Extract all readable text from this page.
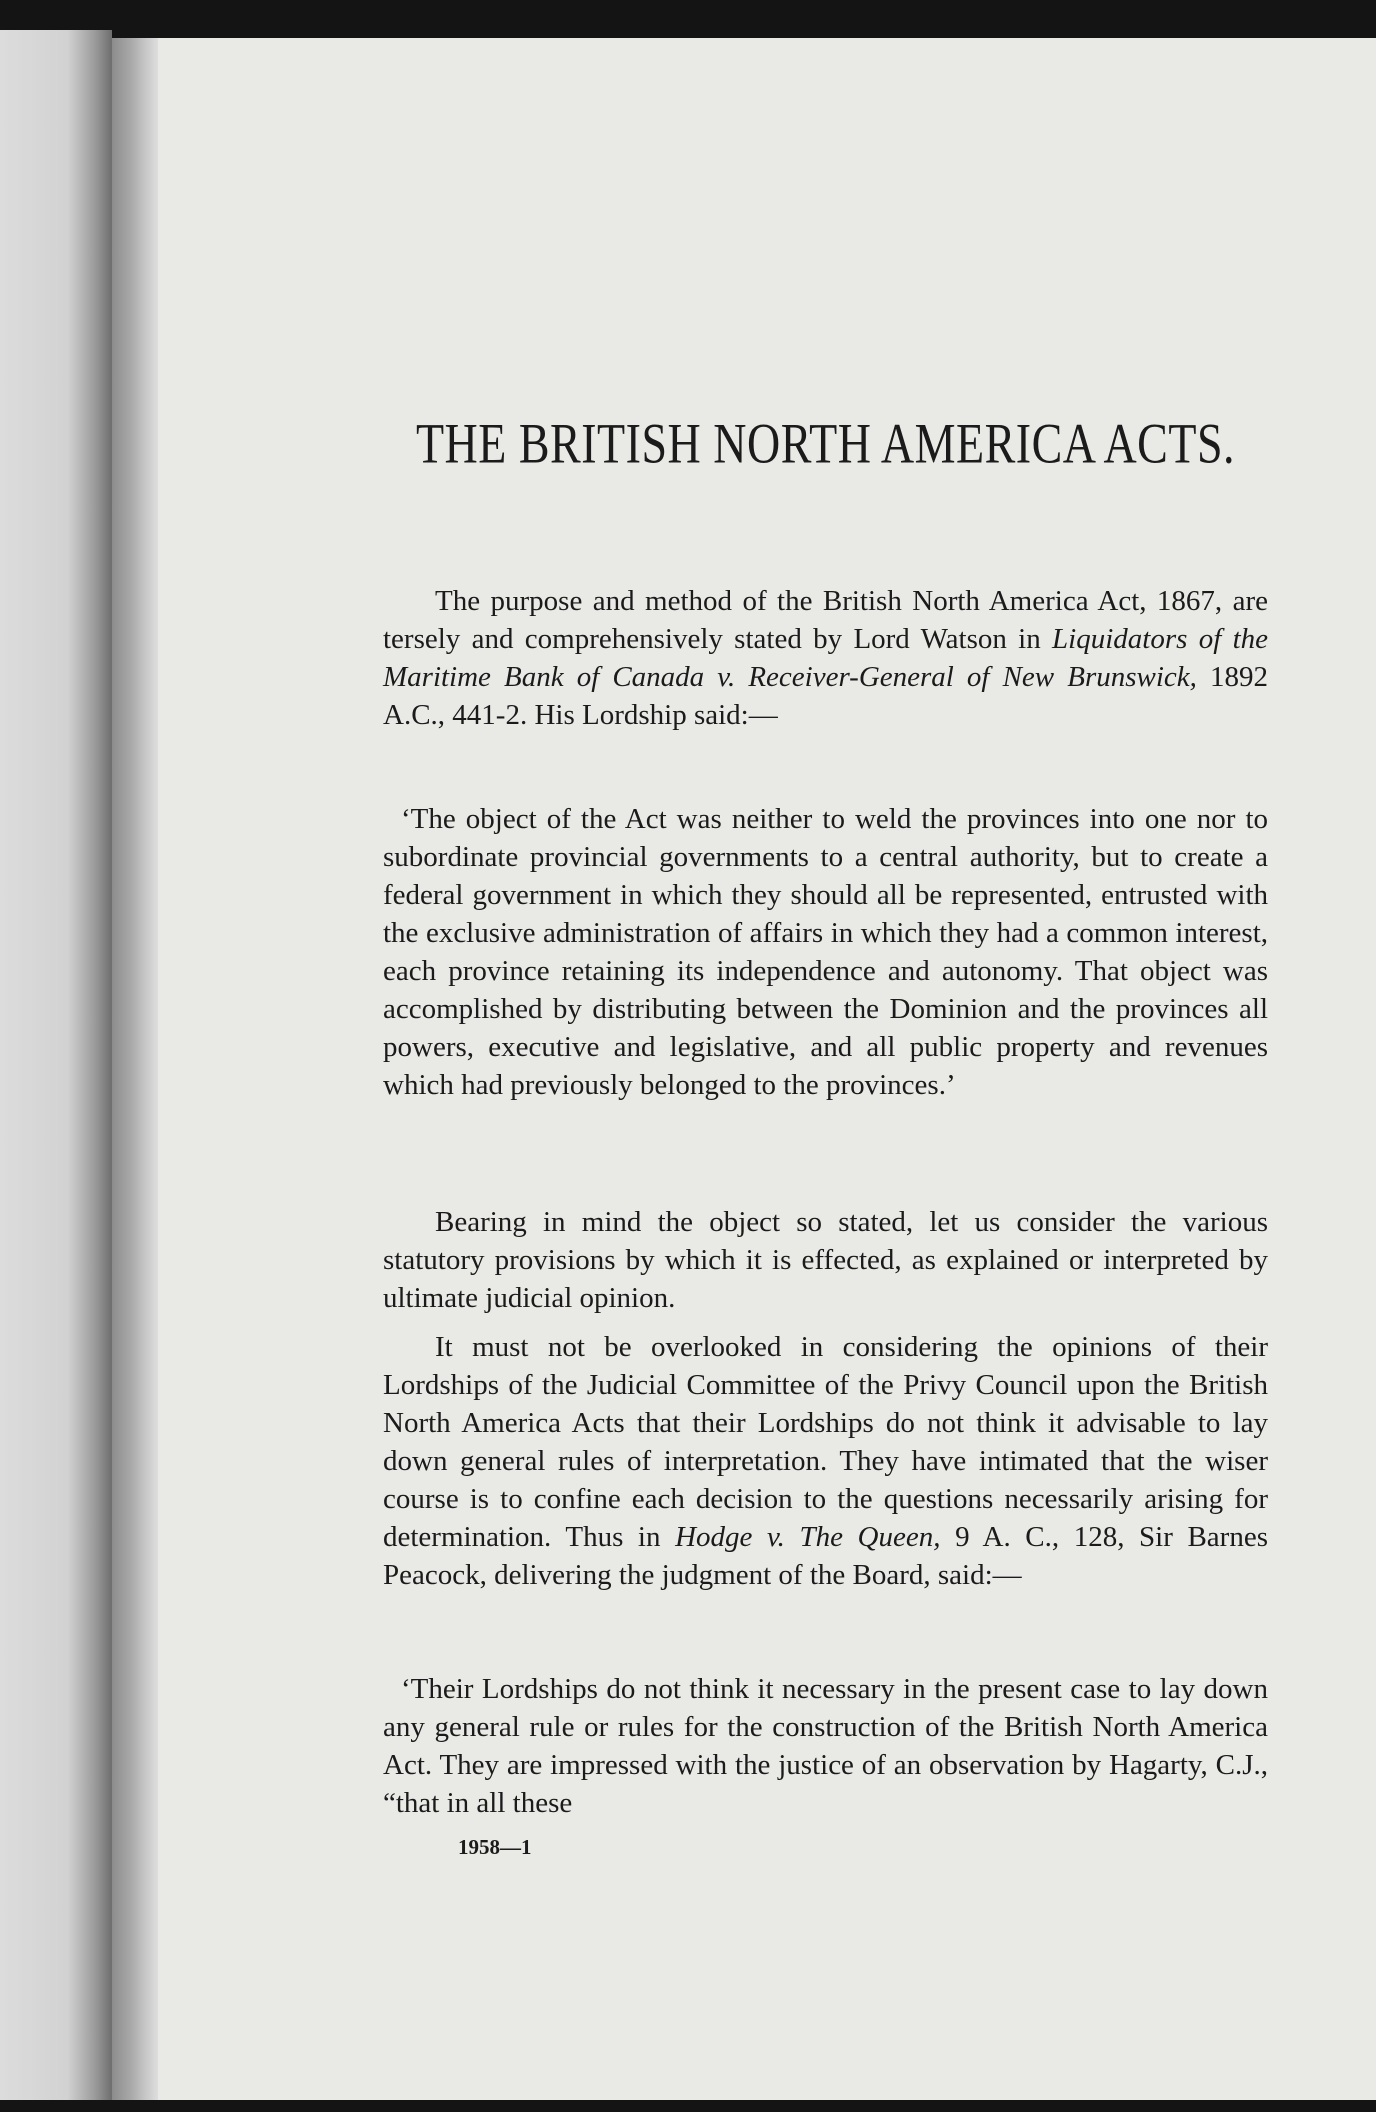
THE BRITISH NORTH AMERICA ACTS.

The purpose and method of the British North America Act, 1867, are tersely and comprehensively stated by Lord Watson in Liquidators of the Maritime Bank of Canada v. Receiver-General of New Brunswick, 1892 A.C., 441-2. His Lordship said:—

‘The object of the Act was neither to weld the provinces into one nor to subordinate provincial governments to a central authority, but to create a federal government in which they should all be represented, entrusted with the exclusive administration of affairs in which they had a common interest, each province retaining its independence and autonomy. That object was accomplished by distributing between the Dominion and the provinces all powers, executive and legislative, and all public property and revenues which had previously belonged to the provinces.’

Bearing in mind the object so stated, let us consider the various statutory provisions by which it is effected, as explained or interpreted by ultimate judicial opinion.

It must not be overlooked in considering the opinions of their Lordships of the Judicial Committee of the Privy Council upon the British North America Acts that their Lordships do not think it advisable to lay down general rules of interpretation. They have intimated that the wiser course is to confine each decision to the questions necessarily arising for determination. Thus in Hodge v. The Queen, 9 A. C., 128, Sir Barnes Peacock, delivering the judgment of the Board, said:—

‘Their Lordships do not think it necessary in the present case to lay down any general rule or rules for the construction of the British North America Act. They are impressed with the justice of an observation by Hagarty, C.J., “that in all these

1958—1
